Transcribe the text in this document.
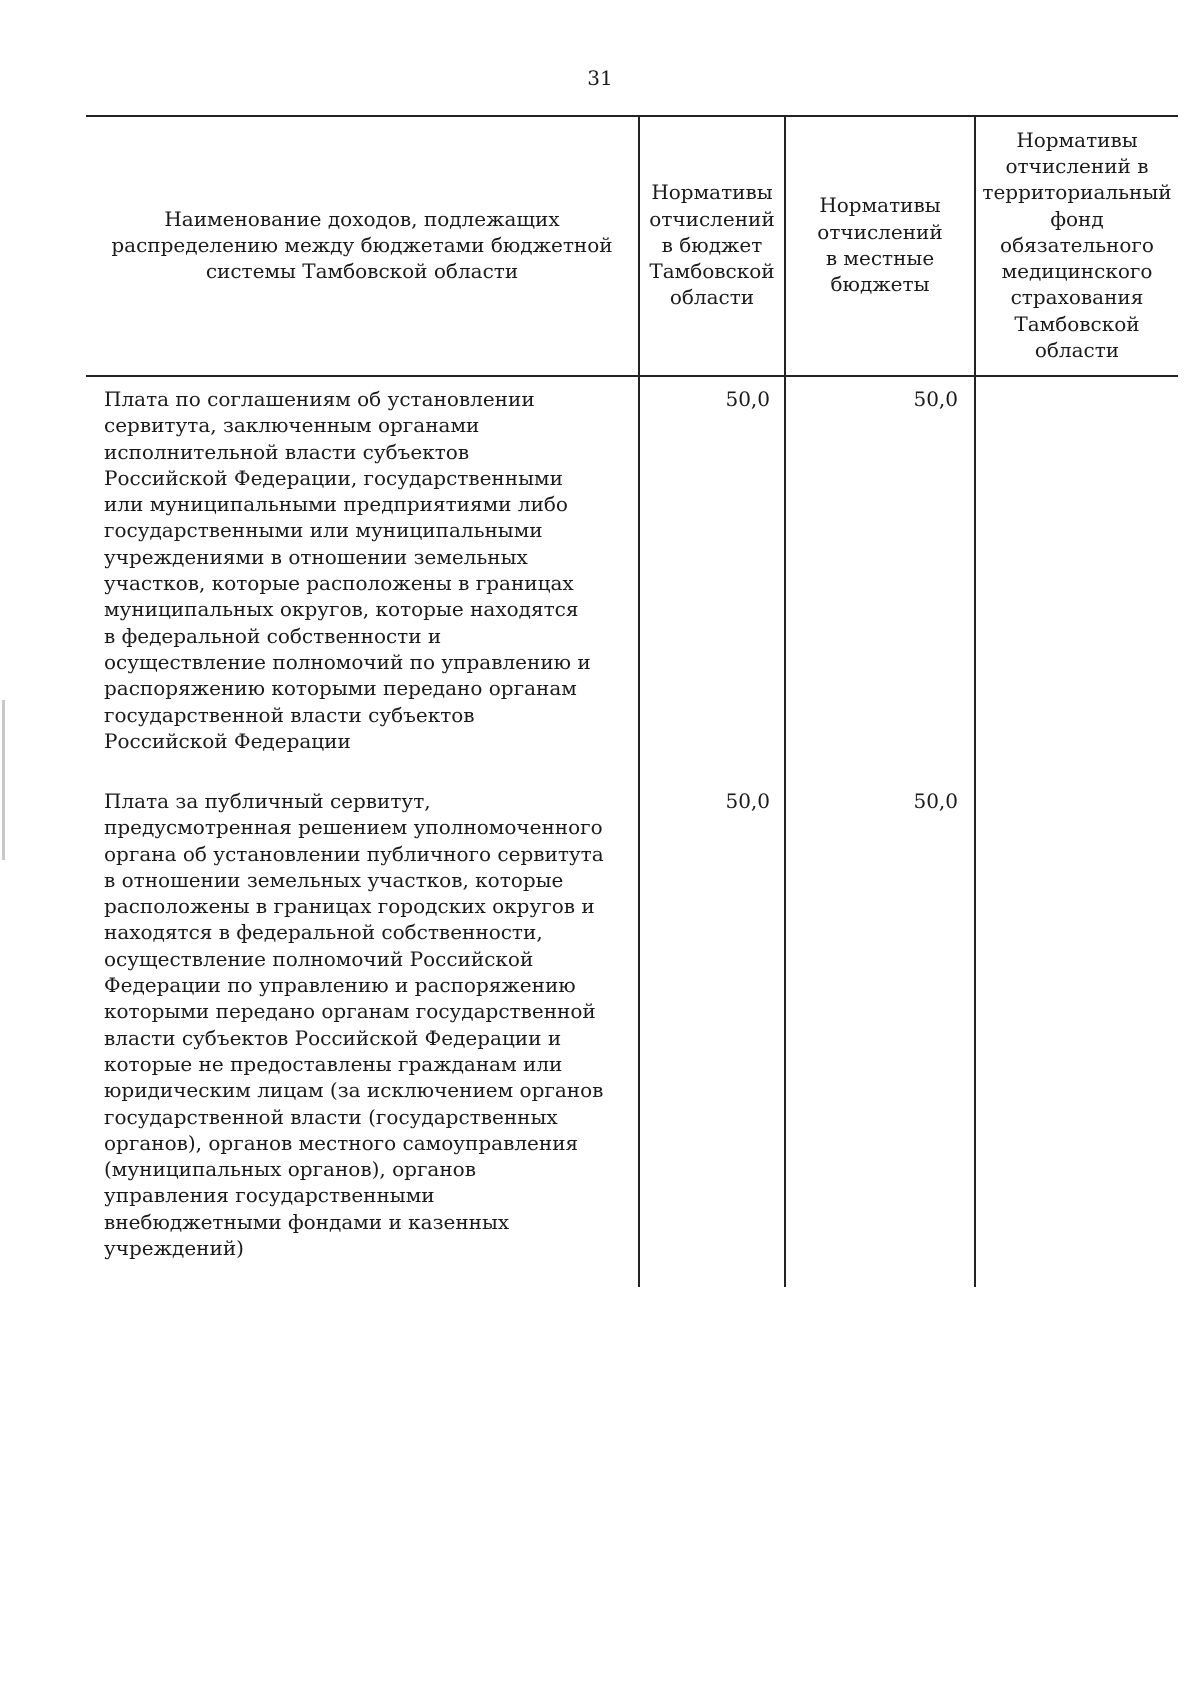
31
Наименование доходов, подлежащих
распределению между бюджетами бюджетной
системы Тамбовской области
Нормативы
отчислений
в бюджет
Тамбовской
области
Нормативы
отчислений
в местные
бюджеты
Нормативы
отчислений в
территориальный
фонд
обязательного
медицинского
страхования
Тамбовской
области
Плата по соглашениям об установлении
сервитута, заключенным органами
исполнительной власти субъектов
Российской Федерации, государственными
или муниципальными предприятиями либо
государственными или муниципальными
учреждениями в отношении земельных
участков, которые расположены в границах
муниципальных округов, которые находятся
в федеральной собственности и
осуществление полномочий по управлению и
распоряжению которыми передано органам
государственной власти субъектов
Российской Федерации
50,0	50,0
Плата за публичный сервитут,
предусмотренная решением уполномоченного
органа об установлении публичного сервитута
в отношении земельных участков, которые
расположены в границах городских округов и
находятся в федеральной собственности,
осуществление полномочий Российской
Федерации по управлению и распоряжению
которыми передано органам государственной
власти субъектов Российской Федерации и
которые не предоставлены гражданам или
юридическим лицам (за исключением органов
государственной власти (государственных
органов), органов местного самоуправления
(муниципальных органов), органов
управления государственными
внебюджетными фондами и казенных
учреждений)
50,0	50,0
